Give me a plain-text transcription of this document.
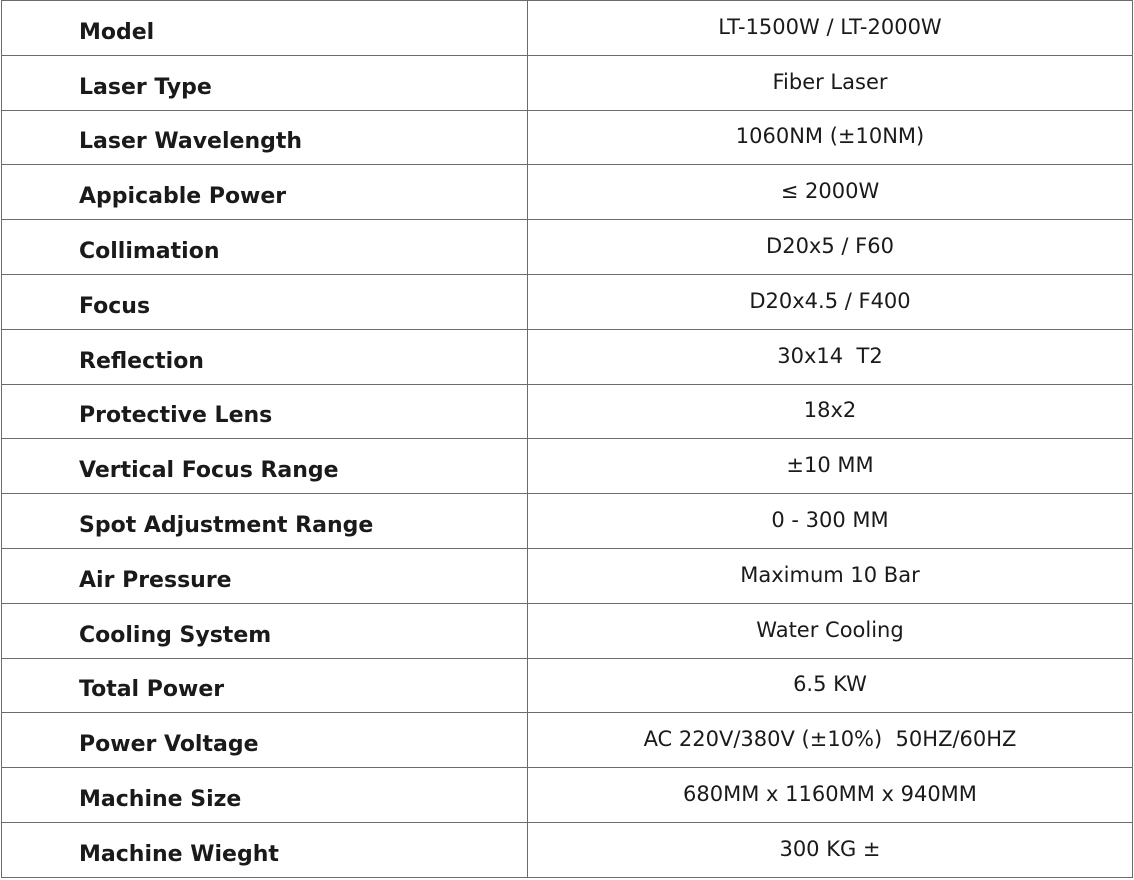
Model	LT-1500W / LT-2000W
Laser Type	Fiber Laser
Laser Wavelength	1060NM (±10NM)
Appicable Power	≤ 2000W
Collimation	D20x5 / F60
Focus	D20x4.5 / F400
Reflection	30x14  T2
Protective Lens	18x2
Vertical Focus Range	±10 MM
Spot Adjustment Range	0 - 300 MM
Air Pressure	Maximum 10 Bar
Cooling System	Water Cooling
Total Power	6.5 KW
Power Voltage	AC 220V/380V (±10%)  50HZ/60HZ
Machine Size	680MM x 1160MM x 940MM
Machine Wieght	300 KG ±
